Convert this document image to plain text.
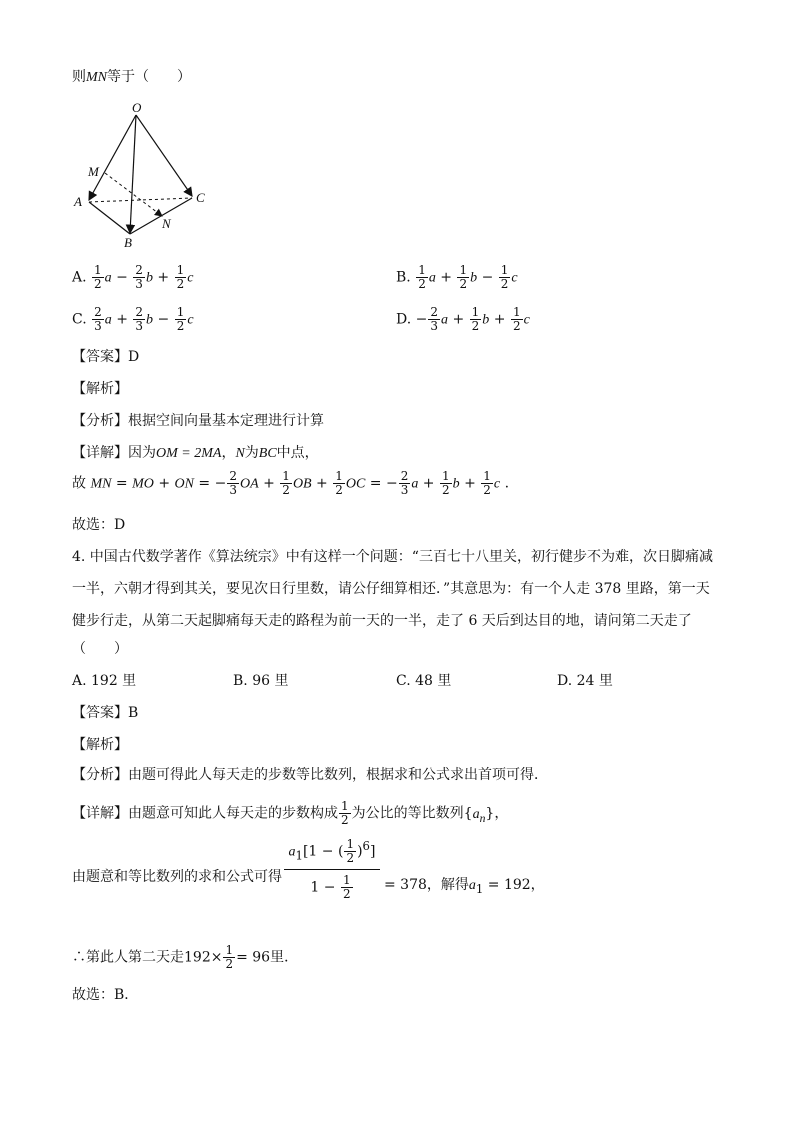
则MN等于（　　）
O
M
A
B
C
N
A. $\frac{1}{2}$ $a - \frac{2}{3}$ $b + \frac{1}{2}$ c	B. $\frac{1}{2}$ $a + \frac{1}{2}$ $b - \frac{1}{2}$ c
C. $\frac{2}{3}$ $a + \frac{2}{3}$ $b - \frac{1}{2}$ c	D. − $\frac{2}{3}$ $a + \frac{1}{2}$ $b + \frac{1}{2}$ c
【答案】D
【解析】
【分析】根据空间向量基本定理进行计算
【详解】因为OM = 2MA，N为BC中点，
故 MN = MO + ON = − $\frac{2}{3}$ OA + $\frac{1}{2}$ OB + $\frac{1}{2}$ OC = − $\frac{2}{3}$ $a + \frac{1}{2}$ $b + \frac{1}{2}$ c .
故选：D
4. 中国古代数学著作《算法统宗》中有这样一个问题：“三百七十八里关，初行健步不为难，次日脚痛减
一半，六朝才得到其关，要见次日行里数，请公仔细算相还．”其意思为：有一个人走 378 里路，第一天
健步行走，从第二天起脚痛每天走的路程为前一天的一半，走了 6 天后到达目的地，请问第二天走了
（　　）
A. 192 里	B. 96 里	C. 48 里	D. 24 里
【答案】B
【解析】
【分析】由题可得此人每天走的步数等比数列，根据求和公式求出首项可得．
【详解】由题意可知此人每天走的步数构成 $\frac{1}{2}$ 为公比的等比数列$\{a_n\}$，
由题意和等比数列的求和公式可得
$a_1[1$ − ( $\frac{1}{2} )^6$]
$1 - \frac{1}{2} = 378$，解得$a_1 = 192$，
∴第此人第二天走$192\times \frac{1}{2} = 96$里．
故选：B．
